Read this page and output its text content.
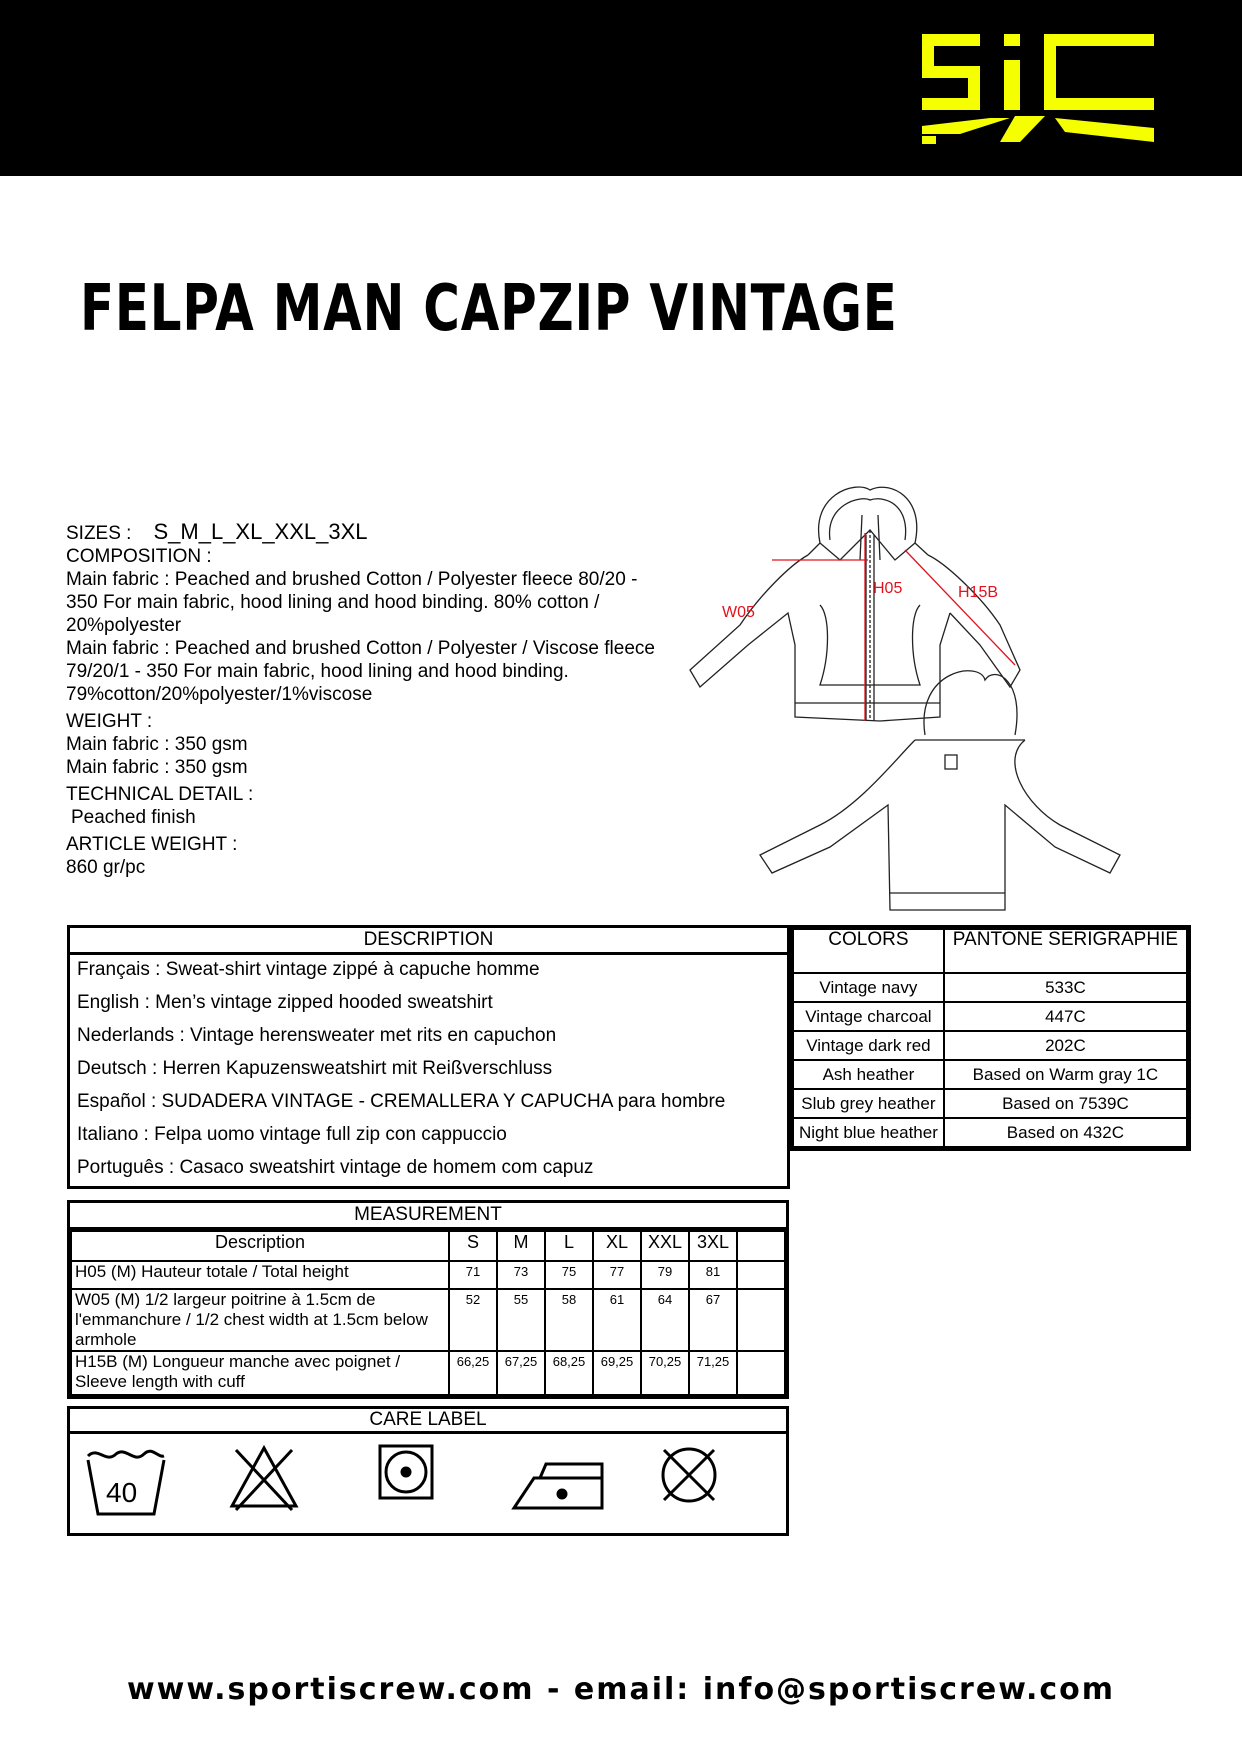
FELPA MAN CAPZIP VINTAGE
SIZES : S_M_L_XL_XXL_3XL
COMPOSITION :
Main fabric : Peached and brushed Cotton / Polyester fleece 80/20 - 350 For main fabric, hood lining and hood binding. 80% cotton / 20%polyester
Main fabric : Peached and brushed Cotton / Polyester / Viscose fleece 79/20/1 - 350 For main fabric, hood lining and hood binding. 79%cotton/20%polyester/1%viscose
WEIGHT :
Main fabric : 350 gsm
Main fabric : 350 gsm
TECHNICAL DETAIL :
Peached finish
ARTICLE WEIGHT :
860 gr/pc
W05
H05	H15B
DESCRIPTION
Français : Sweat-shirt vintage zippé à capuche homme
English : Men’s vintage zipped hooded sweatshirt
Nederlands : Vintage herensweater met rits en capuchon
Deutsch : Herren Kapuzensweatshirt mit Reißverschluss
Español : SUDADERA VINTAGE - CREMALLERA Y CAPUCHA para hombre
Italiano : Felpa uomo vintage full zip con cappuccio
Português : Casaco sweatshirt vintage de homem com capuz
COLORS	PANTONE SERIGRAPHIE
Vintage navy	533C
Vintage charcoal	447C
Vintage dark red	202C
Ash heather	Based on Warm gray 1C
Slub grey heather	Based on 7539C
Night blue heather	Based on 432C
MEASUREMENT
Description	S	M	L	XL	XXL	3XL	
H05 (M) Hauteur totale / Total height	71	73	75	77	79	81	
W05 (M) 1/2 largeur poitrine à 1.5cm de l'emmanchure / 1/2 chest width at 1.5cm below armhole	52	55	58	61	64	67	
H15B (M) Longueur manche avec poignet / Sleeve length with cuff	66,25	67,25	68,25	69,25	70,25	71,25	
CARE LABEL
40
www.sportiscrew.com - email: info@sportiscrew.com
